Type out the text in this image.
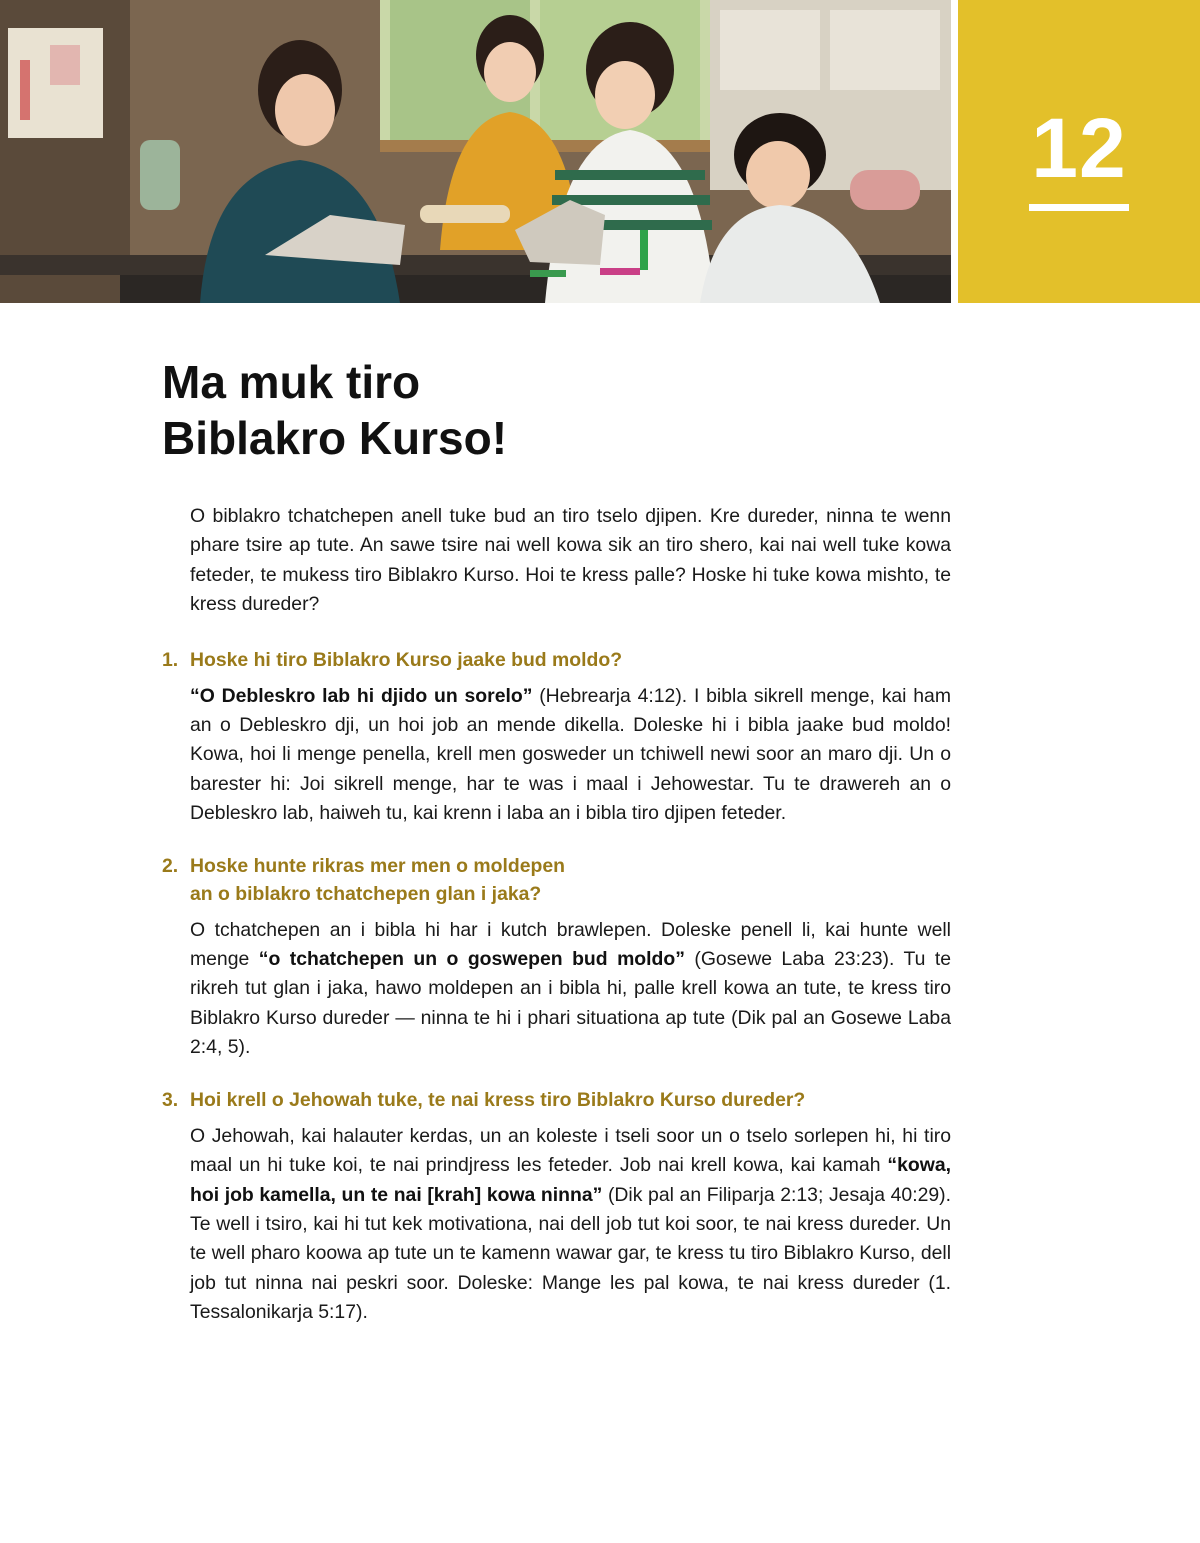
12
Ma muk tiro
Biblakro Kurso!

O biblakro tchatchepen anell tuke bud an tiro tselo djipen. Kre dureder, ninna te wenn phare tsire ap tute. An sawe tsire nai well kowa sik an tiro shero, kai nai well tuke kowa feteder, te mukess tiro Biblakro Kurso. Hoi te kress palle? Hoske hi tuke kowa mishto, te kress dureder?

1. Hoske hi tiro Biblakro Kurso jaake bud moldo?

“O Debleskro lab hi djido un sorelo” (Hebrearja 4:12). I bibla sikrell menge, kai ham an o Debleskro dji, un hoi job an mende dikella. Doleske hi i bibla jaake bud moldo! Kowa, hoi li menge penella, krell men gosweder un tchiwell newi soor an maro dji. Un o barester hi: Joi sikrell menge, har te was i maal i Jehowestar. Tu te drawereh an o Debleskro lab, haiweh tu, kai krenn i laba an i bibla tiro djipen feteder.

2. Hoske hunte rikras mer men o moldepen
an o biblakro tchatchepen glan i jaka?

O tchatchepen an i bibla hi har i kutch brawlepen. Doleske penell li, kai hunte well menge “o tchatchepen un o goswepen bud moldo” (Gosewe Laba 23:23). Tu te rikreh tut glan i jaka, hawo moldepen an i bibla hi, palle krell kowa an tute, te kress tiro Biblakro Kurso dureder — ninna te hi i phari situationa ap tute (Dik pal an Gosewe Laba 2:4, 5).

3. Hoi krell o Jehowah tuke, te nai kress tiro Biblakro Kurso dureder?

O Jehowah, kai halauter kerdas, un an koleste i tseli soor un o tselo sorlepen hi, hi tiro maal un hi tuke koi, te nai prindjress les feteder. Job nai krell kowa, kai kamah “kowa, hoi job kamella, un te nai [krah] kowa ninna” (Dik pal an Filiparja 2:13; Jesaja 40:29). Te well i tsiro, kai hi tut kek motivationa, nai dell job tut koi soor, te nai kress dureder. Un te well pharo koowa ap tute un te kamenn wawar gar, te kress tu tiro Biblakro Kurso, dell job tut ninna nai peskri soor. Doleske: Mange les pal kowa, te nai kress dureder (1. Tessalonikarja 5:17).
